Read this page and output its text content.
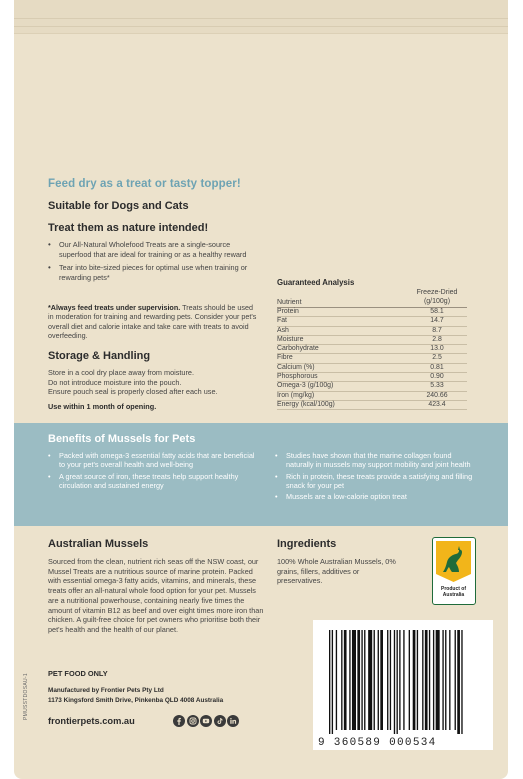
Feed dry as a treat or tasty topper!
Suitable for Dogs and Cats
Treat them as nature intended!
• Our All-Natural Wholefood Treats are a single-source superfood that are ideal for training or as a healthy reward
• Tear into bite-sized pieces for optimal use when training or rewarding pets*
*Always feed treats under supervision. Treats should be used in moderation for training and rewarding pets. Consider your pet's overall diet and calorie intake and take care with treats to avoid overfeeding.
Storage & Handling
Store in a cool dry place away from moisture.
Do not introduce moisture into the pouch.
Ensure pouch seal is properly closed after each use.
Use within 1 month of opening.
Guaranteed Analysis
Nutrient
Freeze-Dried
(g/100g)
Protein	58.1
Fat	14.7
Ash	8.7
Moisture	2.8
Carbohydrate	13.0
Fibre	2.5
Calcium (%)	0.81
Phosphorous	0.90
Omega-3 (g/100g)	5.33
Iron (mg/kg)	240.66
Energy (kcal/100g)	423.4
Benefits of Mussels for Pets
• Packed with omega-3 essential fatty acids that are beneficial to your pet's overall health and well-being
• A great source of iron, these treats help support healthy circulation and sustained energy
• Studies have shown that the marine collagen found naturally in mussels may support mobility and joint health
• Rich in protein, these treats provide a satisfying and filling snack for your pet
• Mussels are a low-calorie option treat
Australian Mussels
Sourced from the clean, nutrient rich seas off the NSW coast, our Mussel Treats are a nutritious source of marine protein. Packed with essential omega-3 fatty acids, vitamins, and minerals, these treats offer an all-natural whole food option for your pet. Mussels are a nutritional powerhouse, containing nearly five times the amount of vitamin B12 as beef and over eight times more iron than chicken. A guilt-free choice for pet owners who prioritise both their pet's health and the health of our planet.
Ingredients
100% Whole Australian Mussels, 0% grains, fillers, additives or preservatives.
Product of
Australia
PET FOOD ONLY
Manufactured by Frontier Pets Pty Ltd
1173 Kingsford Smith Drive, Pinkenba QLD 4008 Australia
frontierpets.com.au
PMUSSTDOSAU-1
9 360589 000534
